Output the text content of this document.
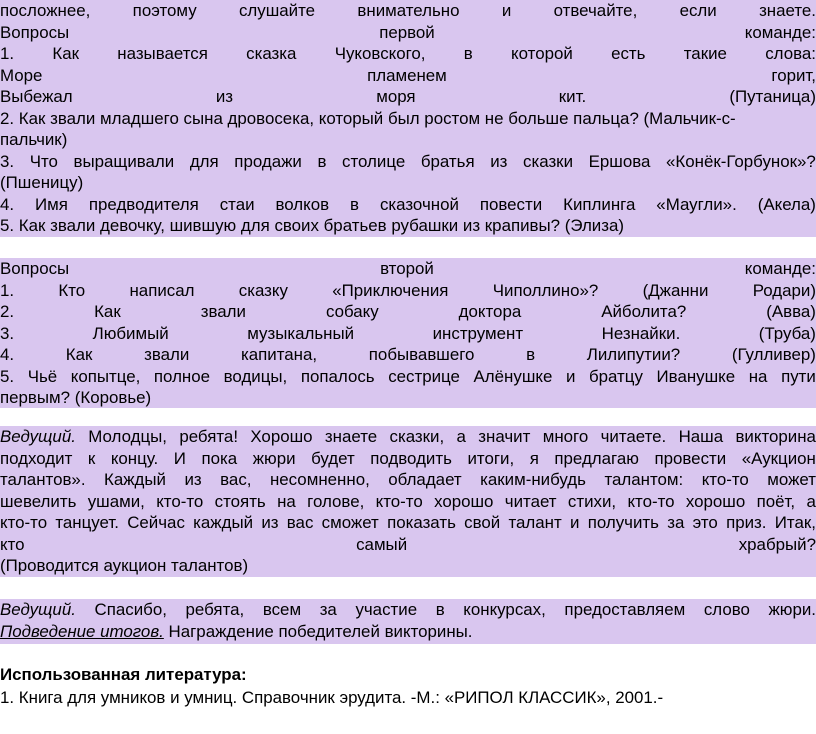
посложнее,	поэтому	слушайте	внимательно	и	отвечайте,	если	знаете.
Вопросы	первой	команде:
1. Как называется сказка Чуковского, в которой есть такие слова:
Море	пламенем	горит,
Выбежал	из	моря	кит.	(Путаница)
2. Как звали младшего сына дровосека, который был ростом не больше пальца? (Мальчик-с-
пальчик)
3. Что выращивали для продажи в столице братья из сказки Ершова «Конёк-Горбунок»?
(Пшеницу)
4. Имя предводителя стаи волков в сказочной повести Киплинга «Маугли». (Акела)
5. Как звали девочку, шившую для своих братьев рубашки из крапивы? (Элиза)
Вопросы	второй	команде:
1.	Кто	написал	сказку	«Приключения	Чиполлино»?	(Джанни	Родари)
2.	Как	звали	собаку	доктора	Айболита?	(Авва)
3.	Любимый	музыкальный	инструмент	Незнайки.	(Труба)
4.	Как	звали	капитана,	побывавшего	в	Лилипутии?	(Гулливер)
5. Чьё копытце, полное водицы, попалось сестрице Алёнушке и братцу Иванушке на пути
первым? (Коровье)
Ведущий. Молодцы, ребята! Хорошо знаете сказки, а значит много читаете. Наша викторина
подходит к концу. И пока жюри будет подводить итоги, я предлагаю провести «Аукцион
талантов». Каждый из вас, несомненно, обладает каким-нибудь талантом: кто-то может
шевелить ушами, кто-то стоять на голове, кто-то хорошо читает стихи, кто-то хорошо поёт, а
кто-то танцует. Сейчас каждый из вас сможет показать свой талант и получить за это приз. Итак,
кто	самый	храбрый?
(Проводится аукцион талантов)
Ведущий. Спасибо, ребята, всем за участие в конкурсах, предоставляем слово жюри.
Подведение итогов. Награждение победителей викторины.
Использованная литература:
1. Книга для умников и умниц. Справочник эрудита. -М.: «РИПОЛ КЛАССИК», 2001.-
